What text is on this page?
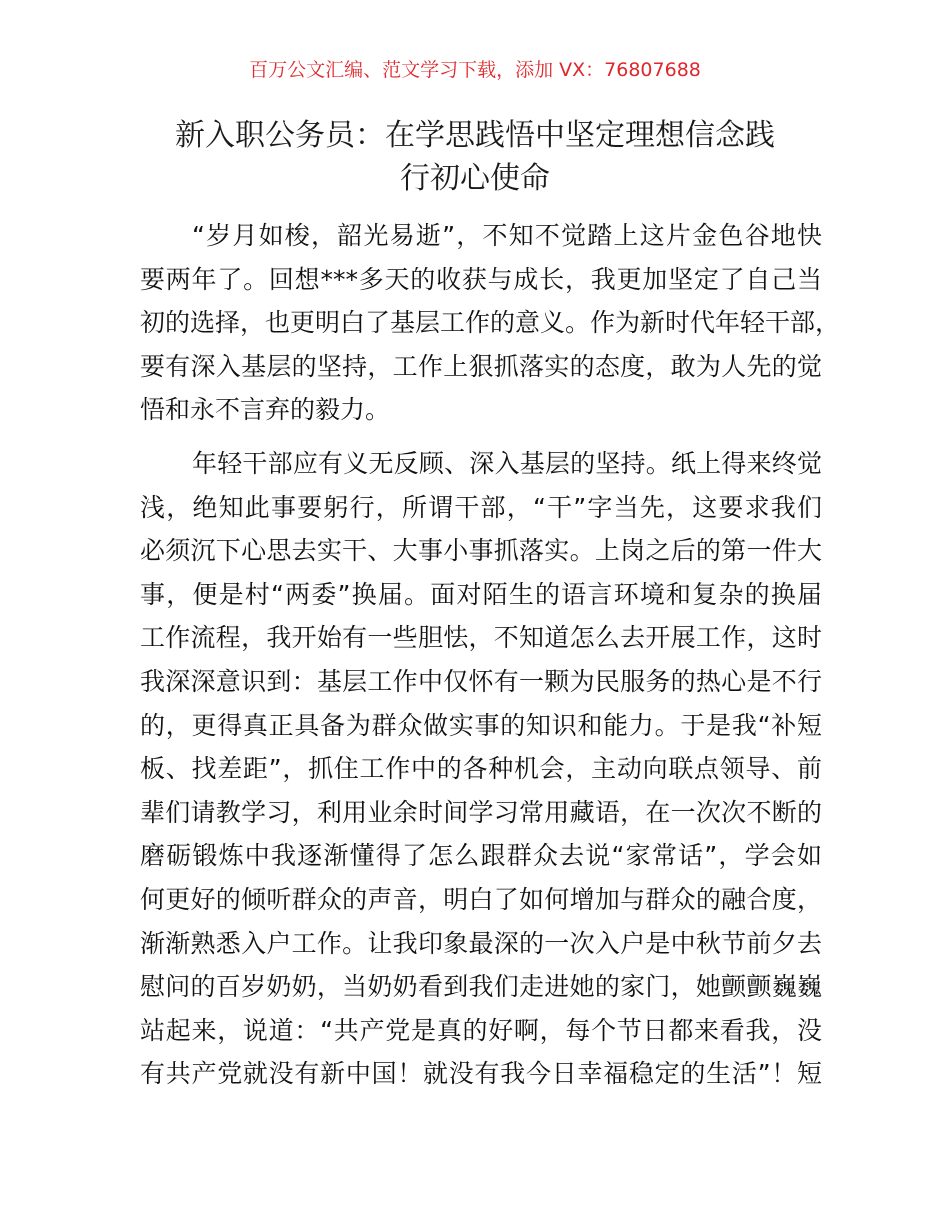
百万公文汇编、范文学习下载，添加 VX：76807688
新入职公务员：在学思践悟中坚定理想信念践
行初心使命
“岁月如梭，韶光易逝”，不知不觉踏上这片金色谷地快
要两年了。回想***多天的收获与成长，我更加坚定了自己当
初的选择，也更明白了基层工作的意义。作为新时代年轻干部，
要有深入基层的坚持，工作上狠抓落实的态度，敢为人先的觉
悟和永不言弃的毅力。
年轻干部应有义无反顾、深入基层的坚持。纸上得来终觉
浅，绝知此事要躬行，所谓干部，“干”字当先，这要求我们
必须沉下心思去实干、大事小事抓落实。上岗之后的第一件大
事，便是村“两委”换届。面对陌生的语言环境和复杂的换届
工作流程，我开始有一些胆怯，不知道怎么去开展工作，这时
我深深意识到：基层工作中仅怀有一颗为民服务的热心是不行
的，更得真正具备为群众做实事的知识和能力。于是我“补短
板、找差距”，抓住工作中的各种机会，主动向联点领导、前
辈们请教学习，利用业余时间学习常用藏语，在一次次不断的
磨砺锻炼中我逐渐懂得了怎么跟群众去说“家常话”，学会如
何更好的倾听群众的声音，明白了如何增加与群众的融合度，
渐渐熟悉入户工作。让我印象最深的一次入户是中秋节前夕去
慰问的百岁奶奶，当奶奶看到我们走进她的家门，她颤颤巍巍
站起来，说道：“共产党是真的好啊，每个节日都来看我，没
有共产党就没有新中国！就没有我今日幸福稳定的生活”！短
